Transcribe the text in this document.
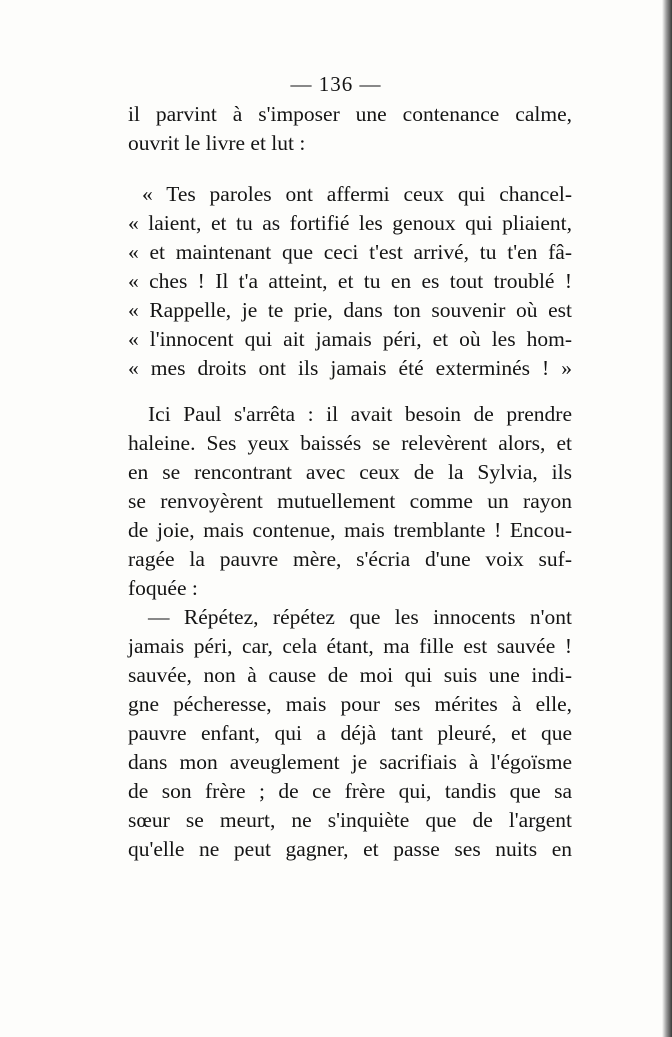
— 136 —
il parvint à s'imposer une contenance calme,
ouvrit le livre et lut :
« Tes paroles ont affermi ceux qui chancel-
« laient, et tu as fortifié les genoux qui pliaient,
« et maintenant que ceci t'est arrivé, tu t'en fâ-
« ches ! Il t'a atteint, et tu en es tout troublé !
« Rappelle, je te prie, dans ton souvenir où est
« l'innocent qui ait jamais péri, et où les hom-
« mes droits ont ils jamais été exterminés ! »
Ici Paul s'arrêta : il avait besoin de prendre
haleine. Ses yeux baissés se relevèrent alors, et
en se rencontrant avec ceux de la Sylvia, ils
se renvoyèrent mutuellement comme un rayon
de joie, mais contenue, mais tremblante ! Encou-
ragée la pauvre mère, s'écria d'une voix suf-
foquée :
— Répétez, répétez que les innocents n'ont
jamais péri, car, cela étant, ma fille est sauvée !
sauvée, non à cause de moi qui suis une indi-
gne pécheresse, mais pour ses mérites à elle,
pauvre enfant, qui a déjà tant pleuré, et que
dans mon aveuglement je sacrifiais à l'égoïsme
de son frère ; de ce frère qui, tandis que sa
sœur se meurt, ne s'inquiète que de l'argent
qu'elle ne peut gagner, et passe ses nuits en
